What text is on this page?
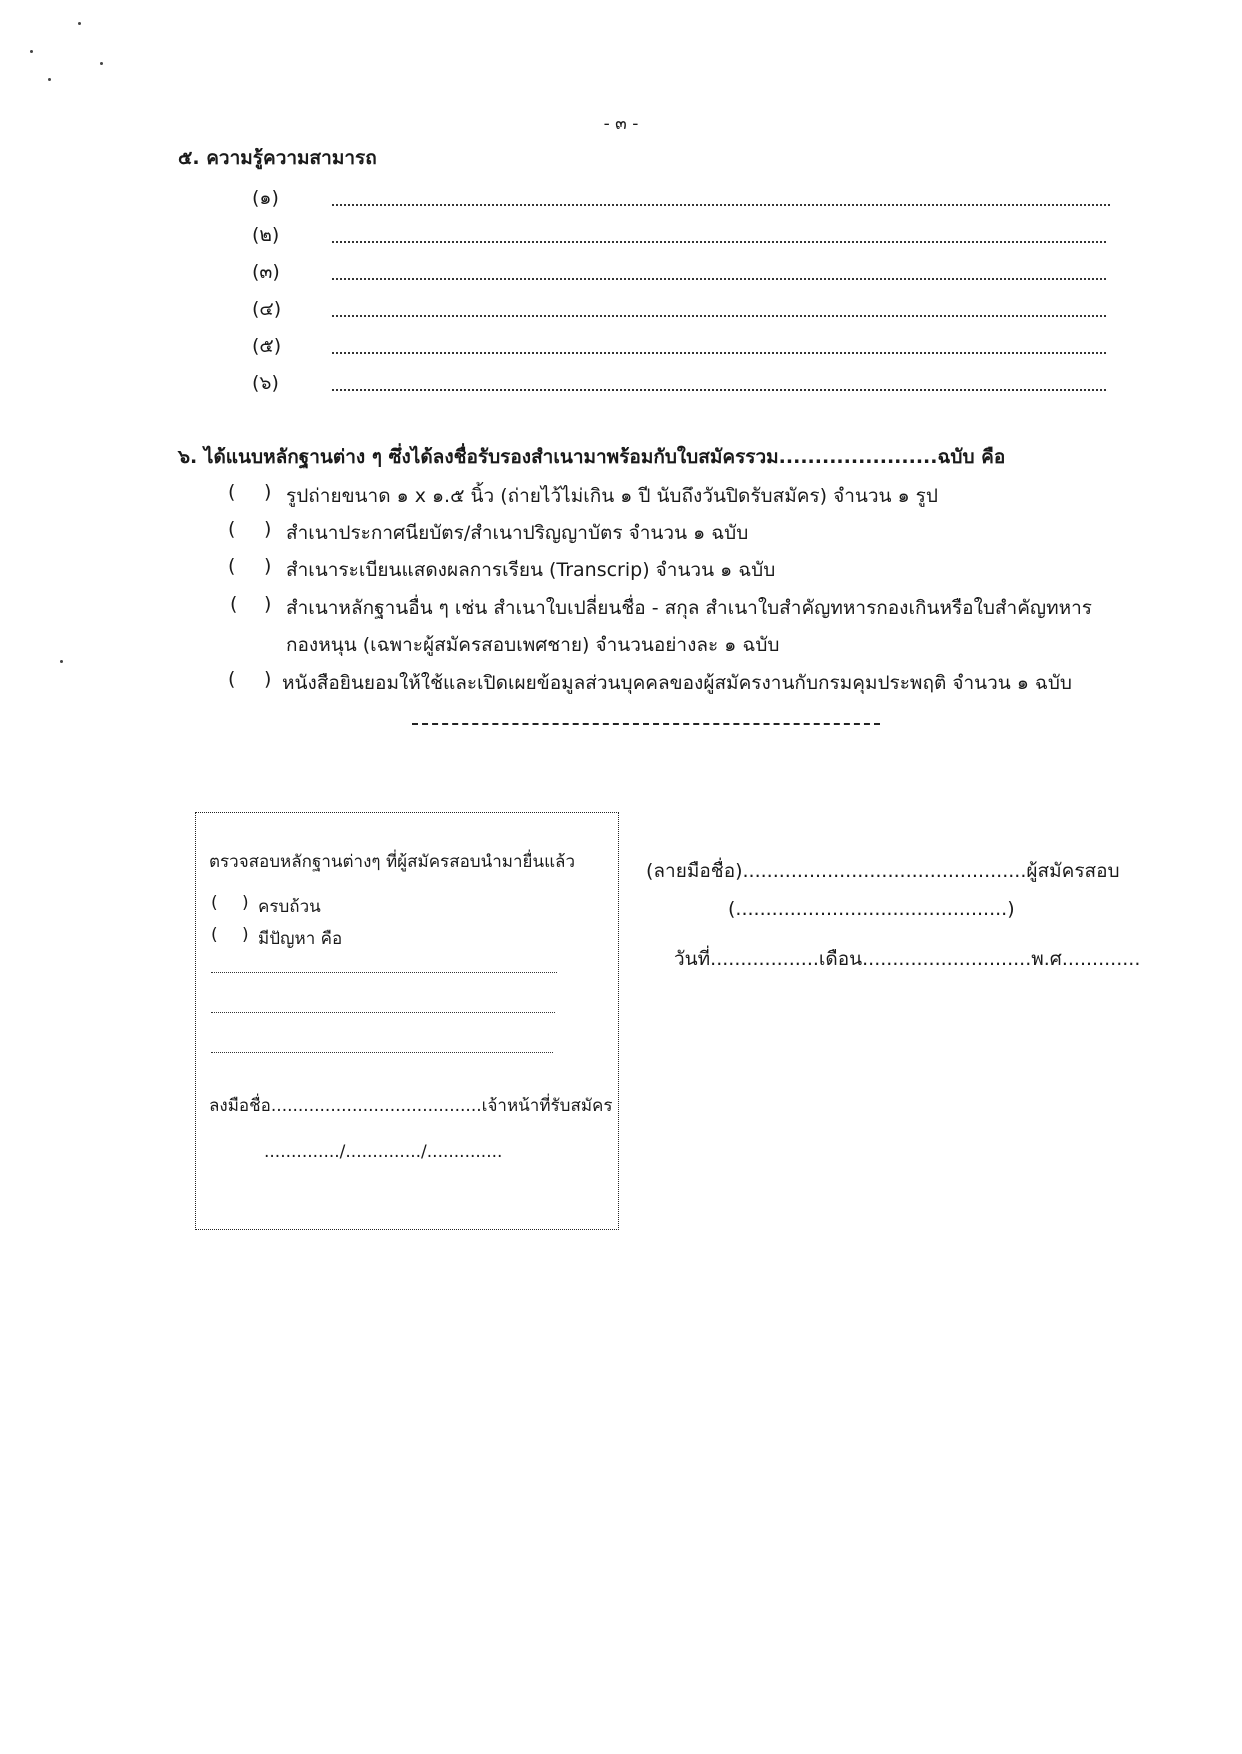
- ๓ -
๕. ความรู้ความสามารถ
(๑)
(๒)
(๓)
(๔)
(๕)
(๖)
๖. ได้แนบหลักฐานต่าง ๆ ซึ่งได้ลงชื่อรับรองสำเนามาพร้อมกับใบสมัครรวม......................ฉบับ คือ
( ) รูปถ่ายขนาด ๑ x ๑.๕ นิ้ว (ถ่ายไว้ไม่เกิน ๑ ปี นับถึงวันปิดรับสมัคร) จำนวน ๑ รูป
( ) สำเนาประกาศนียบัตร/สำเนาปริญญาบัตร จำนวน ๑ ฉบับ
( ) สำเนาระเบียนแสดงผลการเรียน (Transcrip) จำนวน ๑ ฉบับ
( ) สำเนาหลักฐานอื่น ๆ เช่น สำเนาใบเปลี่ยนชื่อ - สกุล สำเนาใบสำคัญทหารกองเกินหรือใบสำคัญทหาร
กองหนุน (เฉพาะผู้สมัครสอบเพศชาย) จำนวนอย่างละ ๑ ฉบับ
( ) หนังสือยินยอมให้ใช้และเปิดเผยข้อมูลส่วนบุคคลของผู้สมัครงานกับกรมคุมประพฤติ จำนวน ๑ ฉบับ
ตรวจสอบหลักฐานต่างๆ ที่ผู้สมัครสอบนำมายื่นแล้ว
( ) ครบถ้วน
( ) มีปัญหา คือ
ลงมือชื่อ.......................................เจ้าหน้าที่รับสมัคร
............../............../..............
(ลายมือชื่อ)...............................................ผู้สมัครสอบ
(.............................................)
วันที่..................เดือน............................พ.ศ.............
